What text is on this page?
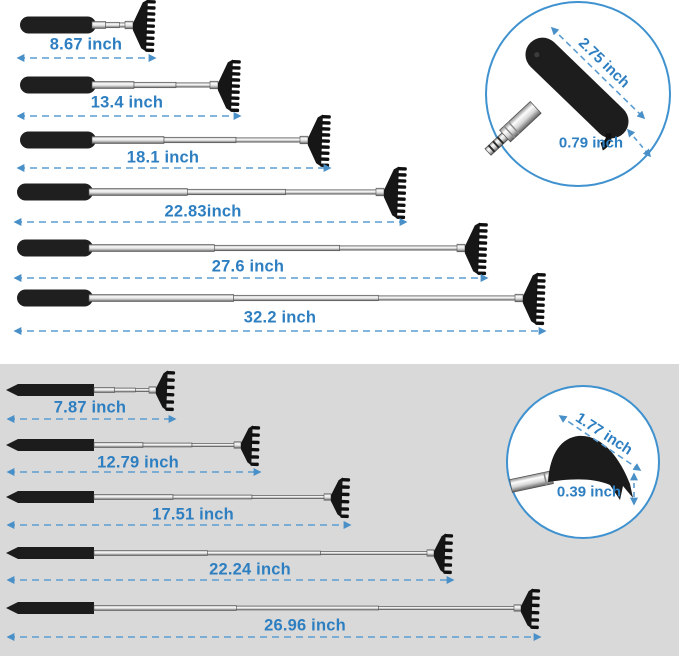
2.75 inch
0.79 inch
1.77 inch
0.39 inch
8.67 inch
13.4 inch
18.1 inch
22.83inch
27.6 inch
32.2 inch
7.87 inch
12.79 inch
17.51 inch
22.24 inch
26.96 inch
